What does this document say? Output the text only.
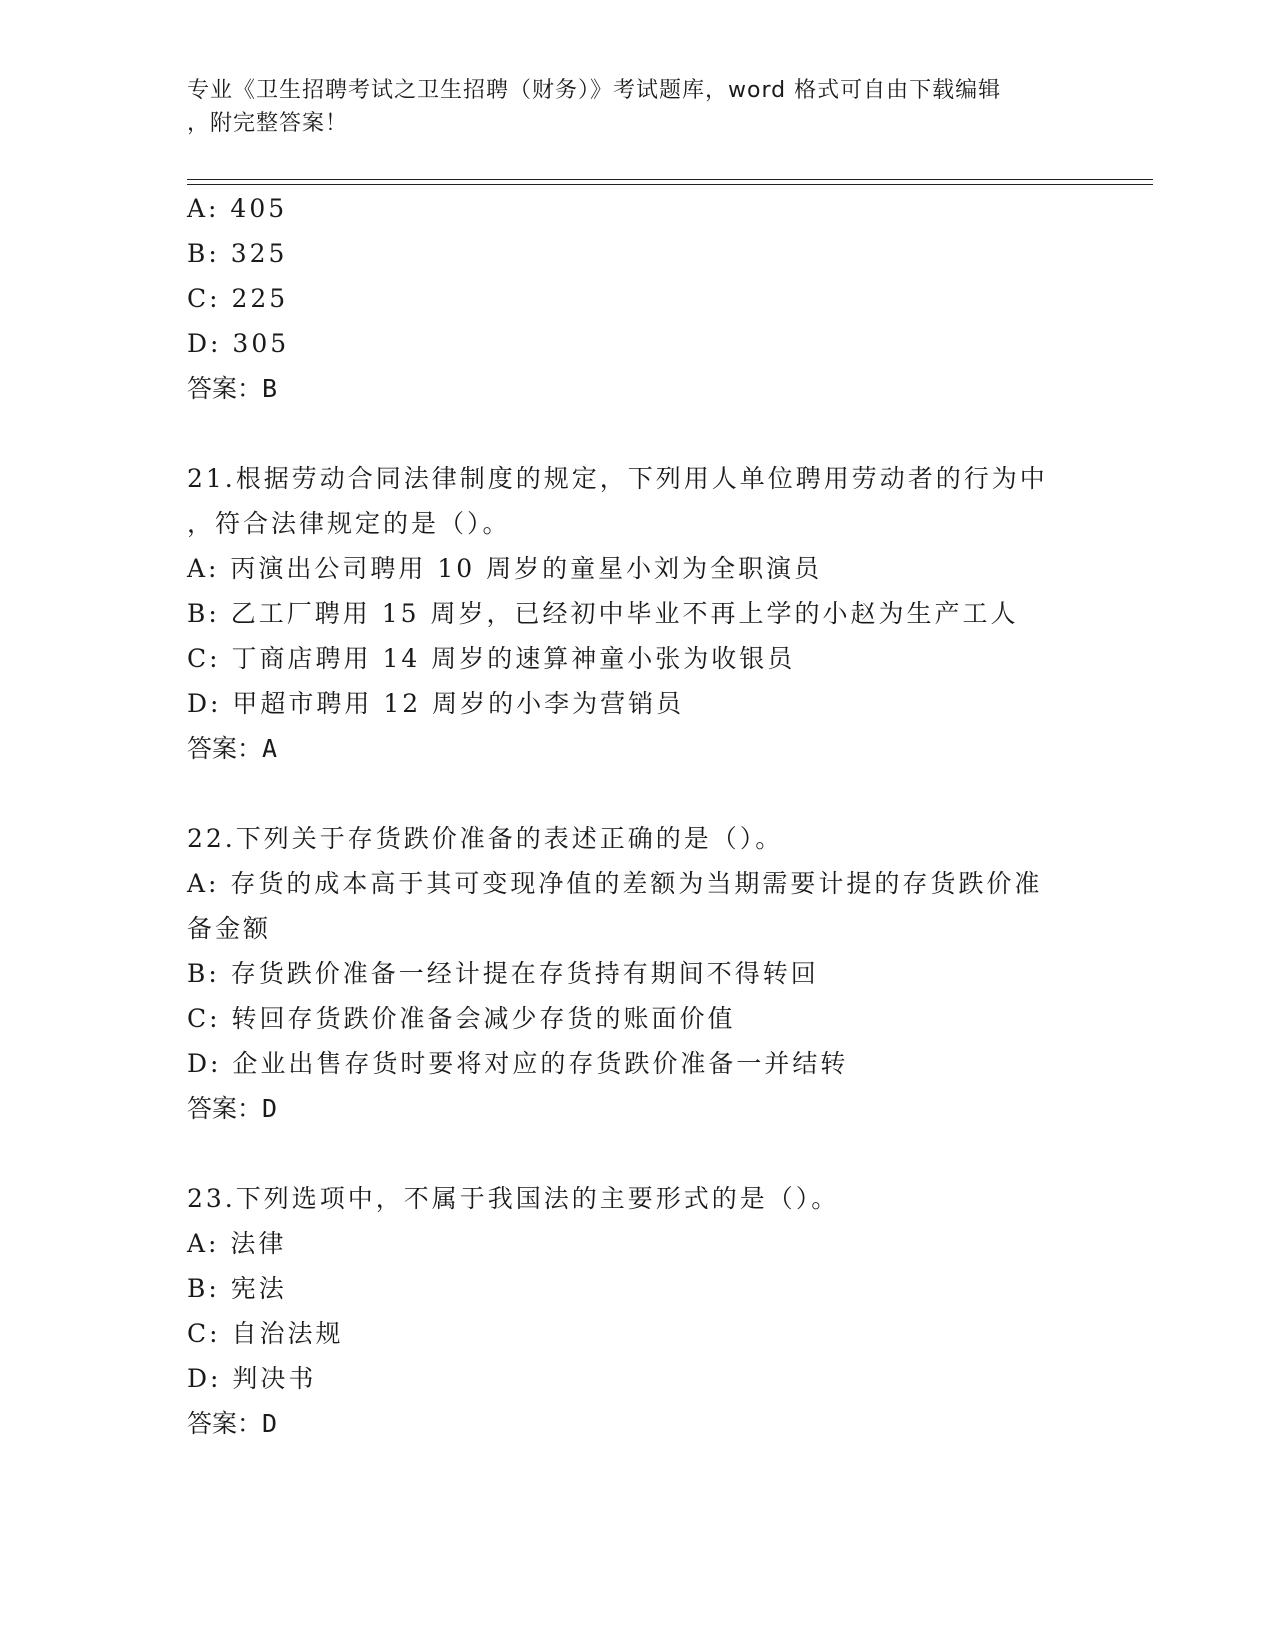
专业《卫生招聘考试之卫生招聘（财务）》考试题库，word 格式可自由下载编辑
，附完整答案！
A: 405
B: 325
C: 225
D: 305
答案：B
21.根据劳动合同法律制度的规定，下列用人单位聘用劳动者的行为中
，符合法律规定的是（）。
A: 丙演出公司聘用 10 周岁的童星小刘为全职演员
B: 乙工厂聘用 15 周岁，已经初中毕业不再上学的小赵为生产工人
C: 丁商店聘用 14 周岁的速算神童小张为收银员
D: 甲超市聘用 12 周岁的小李为营销员
答案：A
22.下列关于存货跌价准备的表述正确的是（）。
A: 存货的成本高于其可变现净值的差额为当期需要计提的存货跌价准
备金额
B: 存货跌价准备一经计提在存货持有期间不得转回
C: 转回存货跌价准备会减少存货的账面价值
D: 企业出售存货时要将对应的存货跌价准备一并结转
答案：D
23.下列选项中，不属于我国法的主要形式的是（）。
A: 法律
B: 宪法
C: 自治法规
D: 判决书
答案：D
